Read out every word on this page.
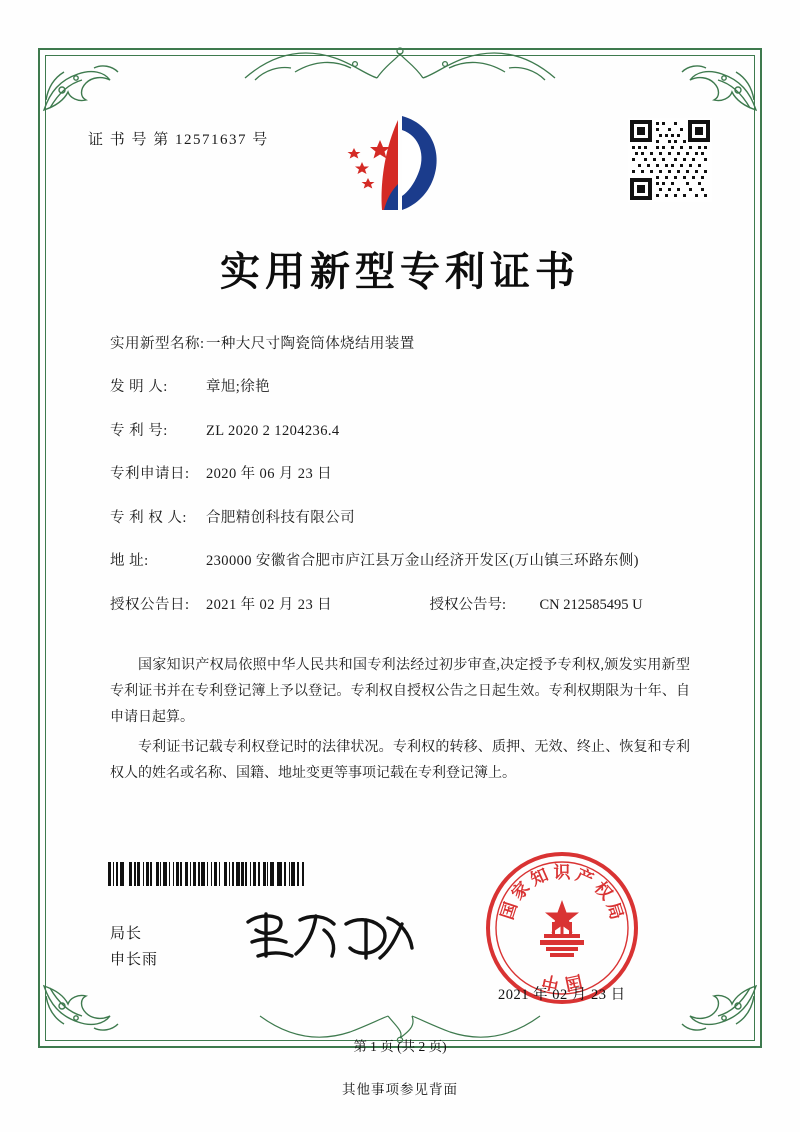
证 书 号 第 12571637 号
实用新型专利证书
实用新型名称: 一种大尺寸陶瓷筒体烧结用装置
发 明 人:	章旭;徐艳
专 利 号:	ZL 2020 2 1204236.4
专利申请日:	2020 年 06 月 23 日
专 利 权 人:	合肥精创科技有限公司
地 址:	230000 安徽省合肥市庐江县万金山经济开发区(万山镇三环路东侧)
授权公告日:	2021 年 02 月 23 日	授权公告号:	CN 212585495 U

国家知识产权局依照中华人民共和国专利法经过初步审查,决定授予专利权,颁发实用新型专利证书并在专利登记簿上予以登记。专利权自授权公告之日起生效。专利权期限为十年、自申请日起算。

专利证书记载专利权登记时的法律状况。专利权的转移、质押、无效、终止、恢复和专利权人的姓名或名称、国籍、地址变更等事项记载在专利登记簿上。

局长
申长雨
国
家
知 识 产
权
局
国
中
2021 年 02 月 23 日
第 1 页 (共 2 页)
其他事项参见背面
